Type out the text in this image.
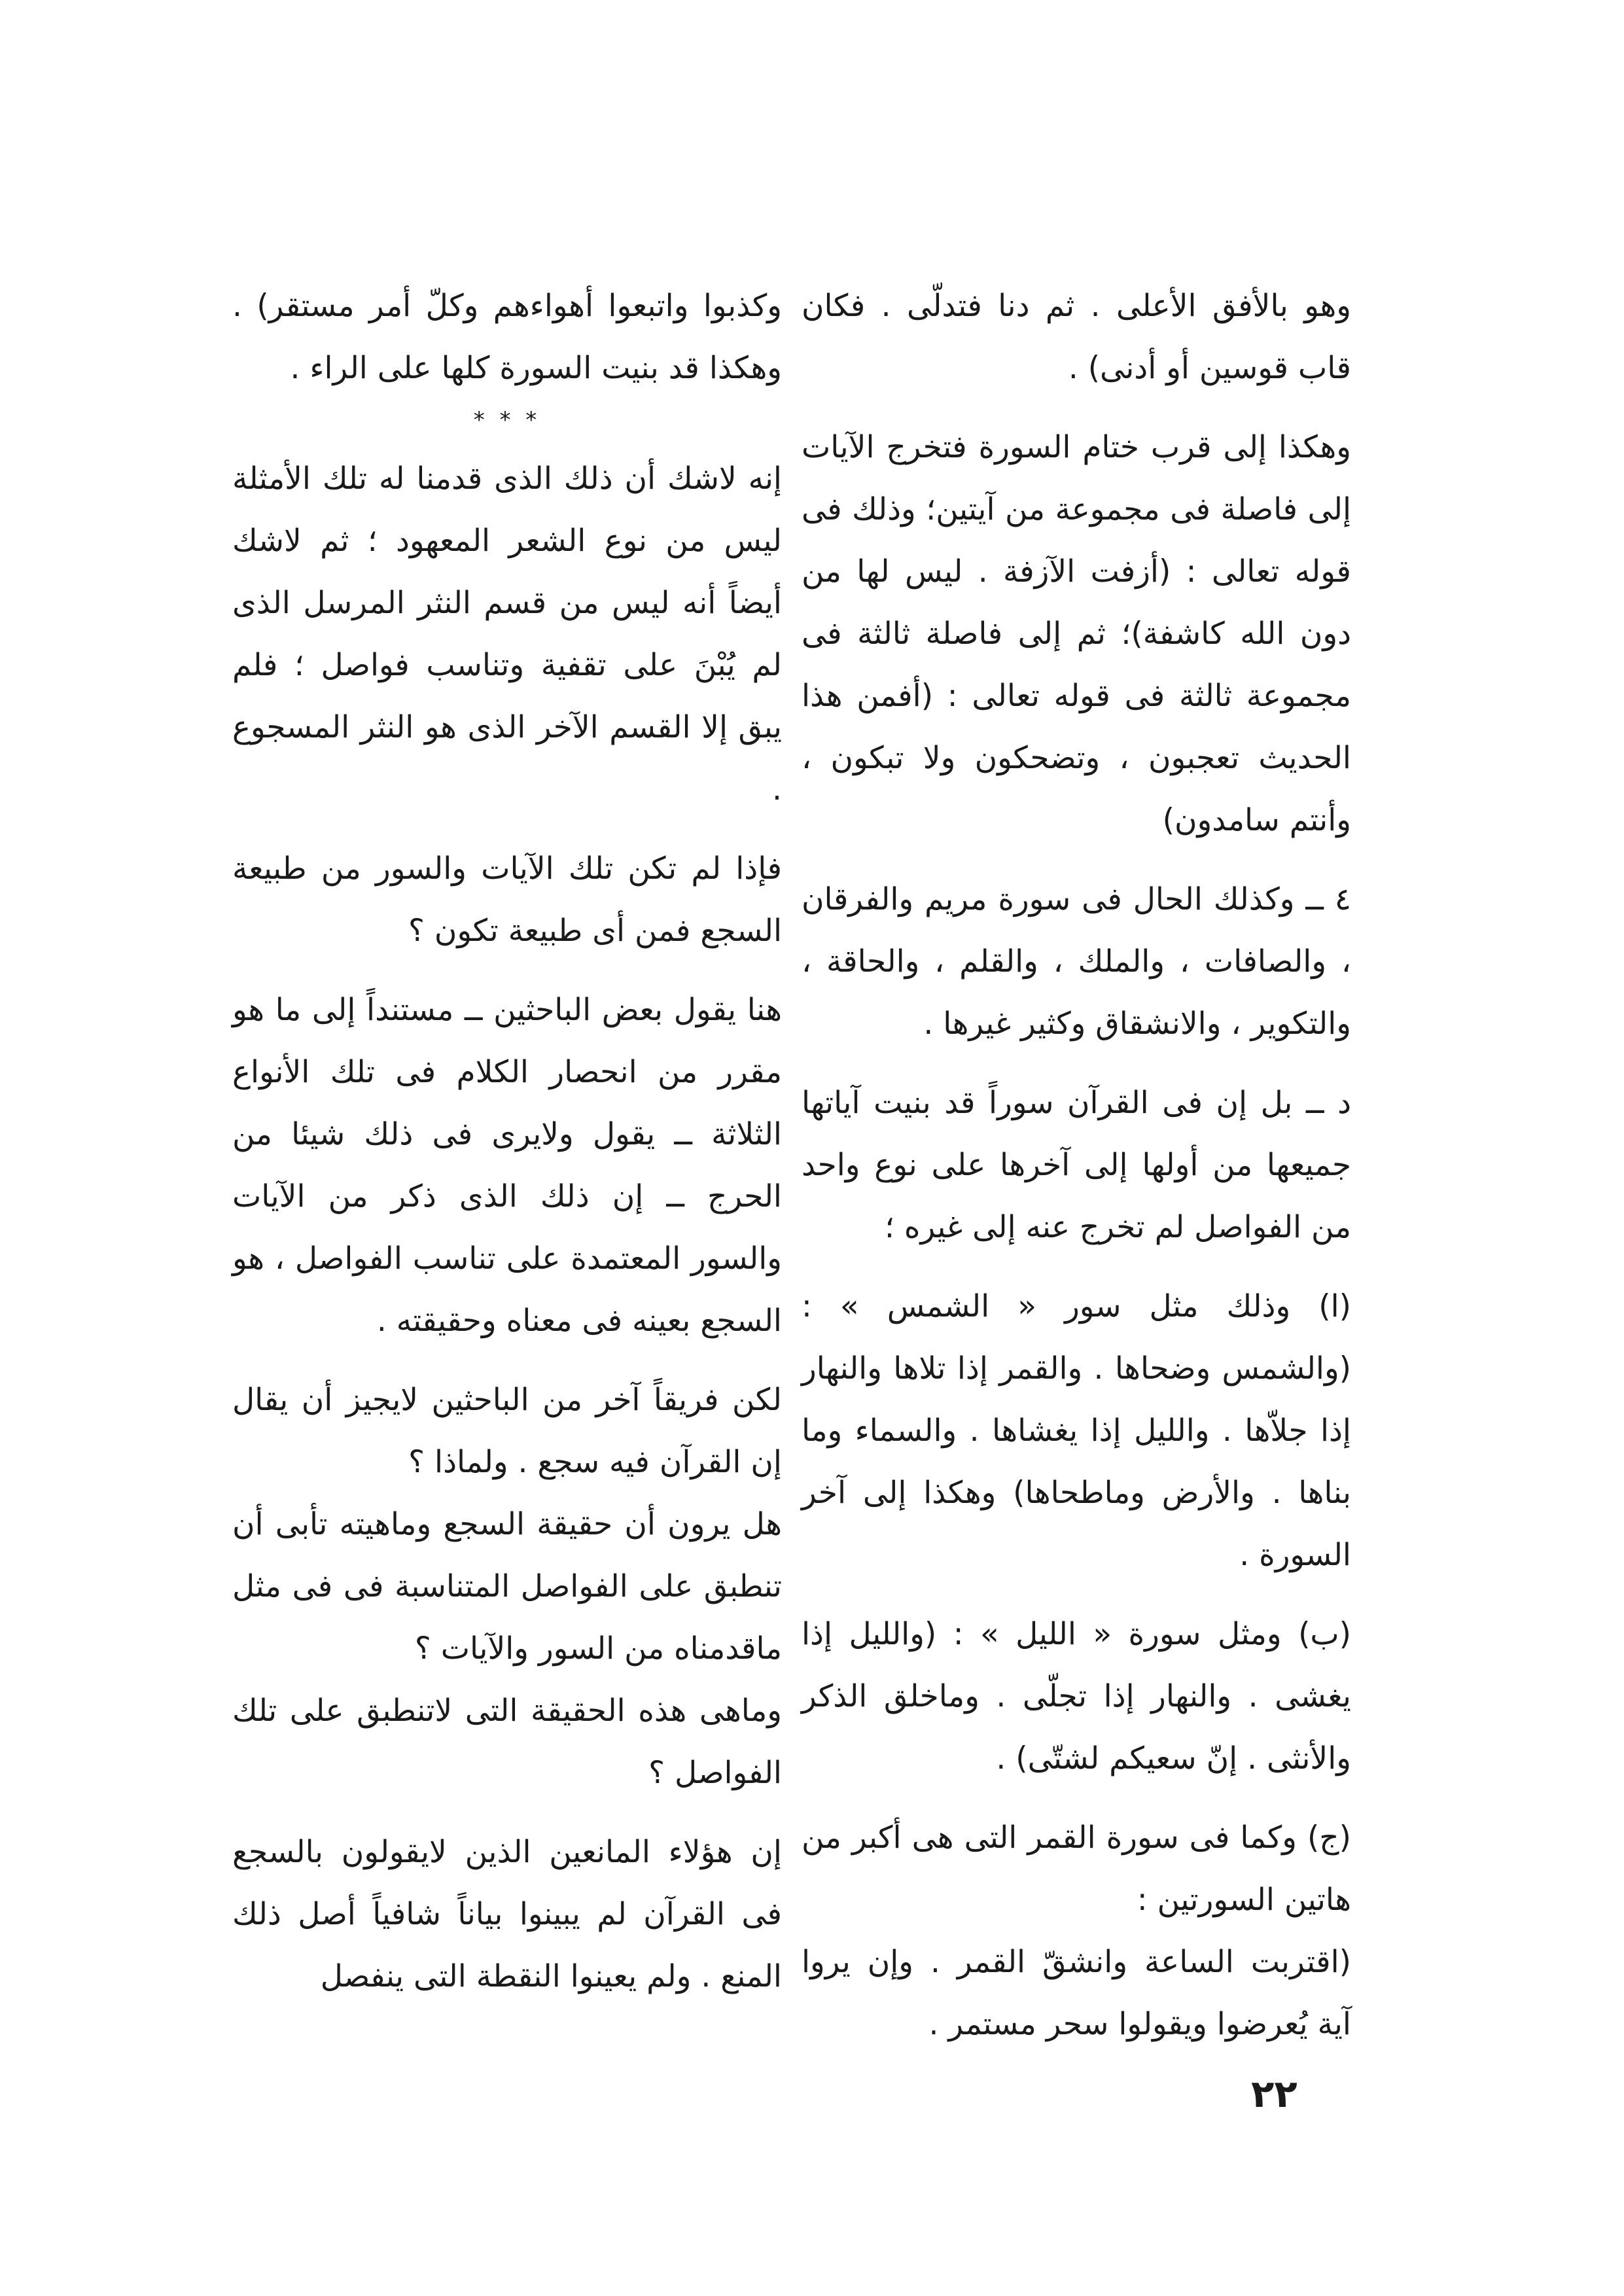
وهو بالأفق الأعلى . ثم دنا فتدلّى . فكان قاب قوسين أو أدنى) .

وهكذا إلى قرب ختام السورة فتخرج الآيات إلى فاصلة فى مجموعة من آيتين؛ وذلك فى قوله تعالى : (أزفت الآزفة . ليس لها من دون الله كاشفة)؛ ثم إلى فاصلة ثالثة فى مجموعة ثالثة فى قوله تعالى : (أفمن هذا الحديث تعجبون ، وتضحكون ولا تبكون ، وأنتم سامدون)

٤ ــ وكذلك الحال فى سورة مريم والفرقان ، والصافات ، والملك ، والقلم ، والحاقة ، والتكوير ، والانشقاق وكثير غيرها .

د ــ بل إن فى القرآن سوراً قد بنيت آياتها جميعها من أولها إلى آخرها على نوع واحد من الفواصل لم تخرج عنه إلى غيره ؛

(ا) وذلك مثل سور « الشمس » : (والشمس وضحاها . والقمر إذا تلاها والنهار إذا جلاّها . والليل إذا يغشاها . والسماء وما بناها . والأرض وماطحاها) وهكذا إلى آخر السورة .

(ب) ومثل سورة « الليل » : (والليل إذا يغشى . والنهار إذا تجلّى . وماخلق الذكر والأنثى . إنّ سعيكم لشتّى) .

(ج) وكما فى سورة القمر التى هى أكبر من هاتين السورتين :

(اقتربت الساعة وانشقّ القمر . وإن يروا آية يُعرضوا ويقولوا سحر مستمر .

وكذبوا واتبعوا أهواءهم وكلّ أمر مستقر) . وهكذا قد بنيت السورة كلها على الراء .

* * *

إنه لاشك أن ذلك الذى قدمنا له تلك الأمثلة ليس من نوع الشعر المعهود ؛ ثم لاشك أيضاً أنه ليس من قسم النثر المرسل الذى لم يُبْنَ على تقفية وتناسب فواصل ؛ فلم يبق إلا القسم الآخر الذى هو النثر المسجوع .

فإذا لم تكن تلك الآيات والسور من طبيعة السجع فمن أى طبيعة تكون ؟

هنا يقول بعض الباحثين ــ مستنداً إلى ما هو مقرر من انحصار الكلام فى تلك الأنواع الثلاثة ــ يقول ولايرى فى ذلك شيئا من الحرج ــ إن ذلك الذى ذكر من الآيات والسور المعتمدة على تناسب الفواصل ، هو السجع بعينه فى معناه وحقيقته .

لكن فريقاً آخر من الباحثين لايجيز أن يقال إن القرآن فيه سجع . ولماذا ؟

هل يرون أن حقيقة السجع وماهيته تأبى أن تنطبق على الفواصل المتناسبة فى فى مثل ماقدمناه من السور والآيات ؟

وماهى هذه الحقيقة التى لاتنطبق على تلك الفواصل ؟

إن هؤلاء المانعين الذين لايقولون بالسجع فى القرآن لم يبينوا بياناً شافياً أصل ذلك المنع . ولم يعينوا النقطة التى ينفصل

٢٢
